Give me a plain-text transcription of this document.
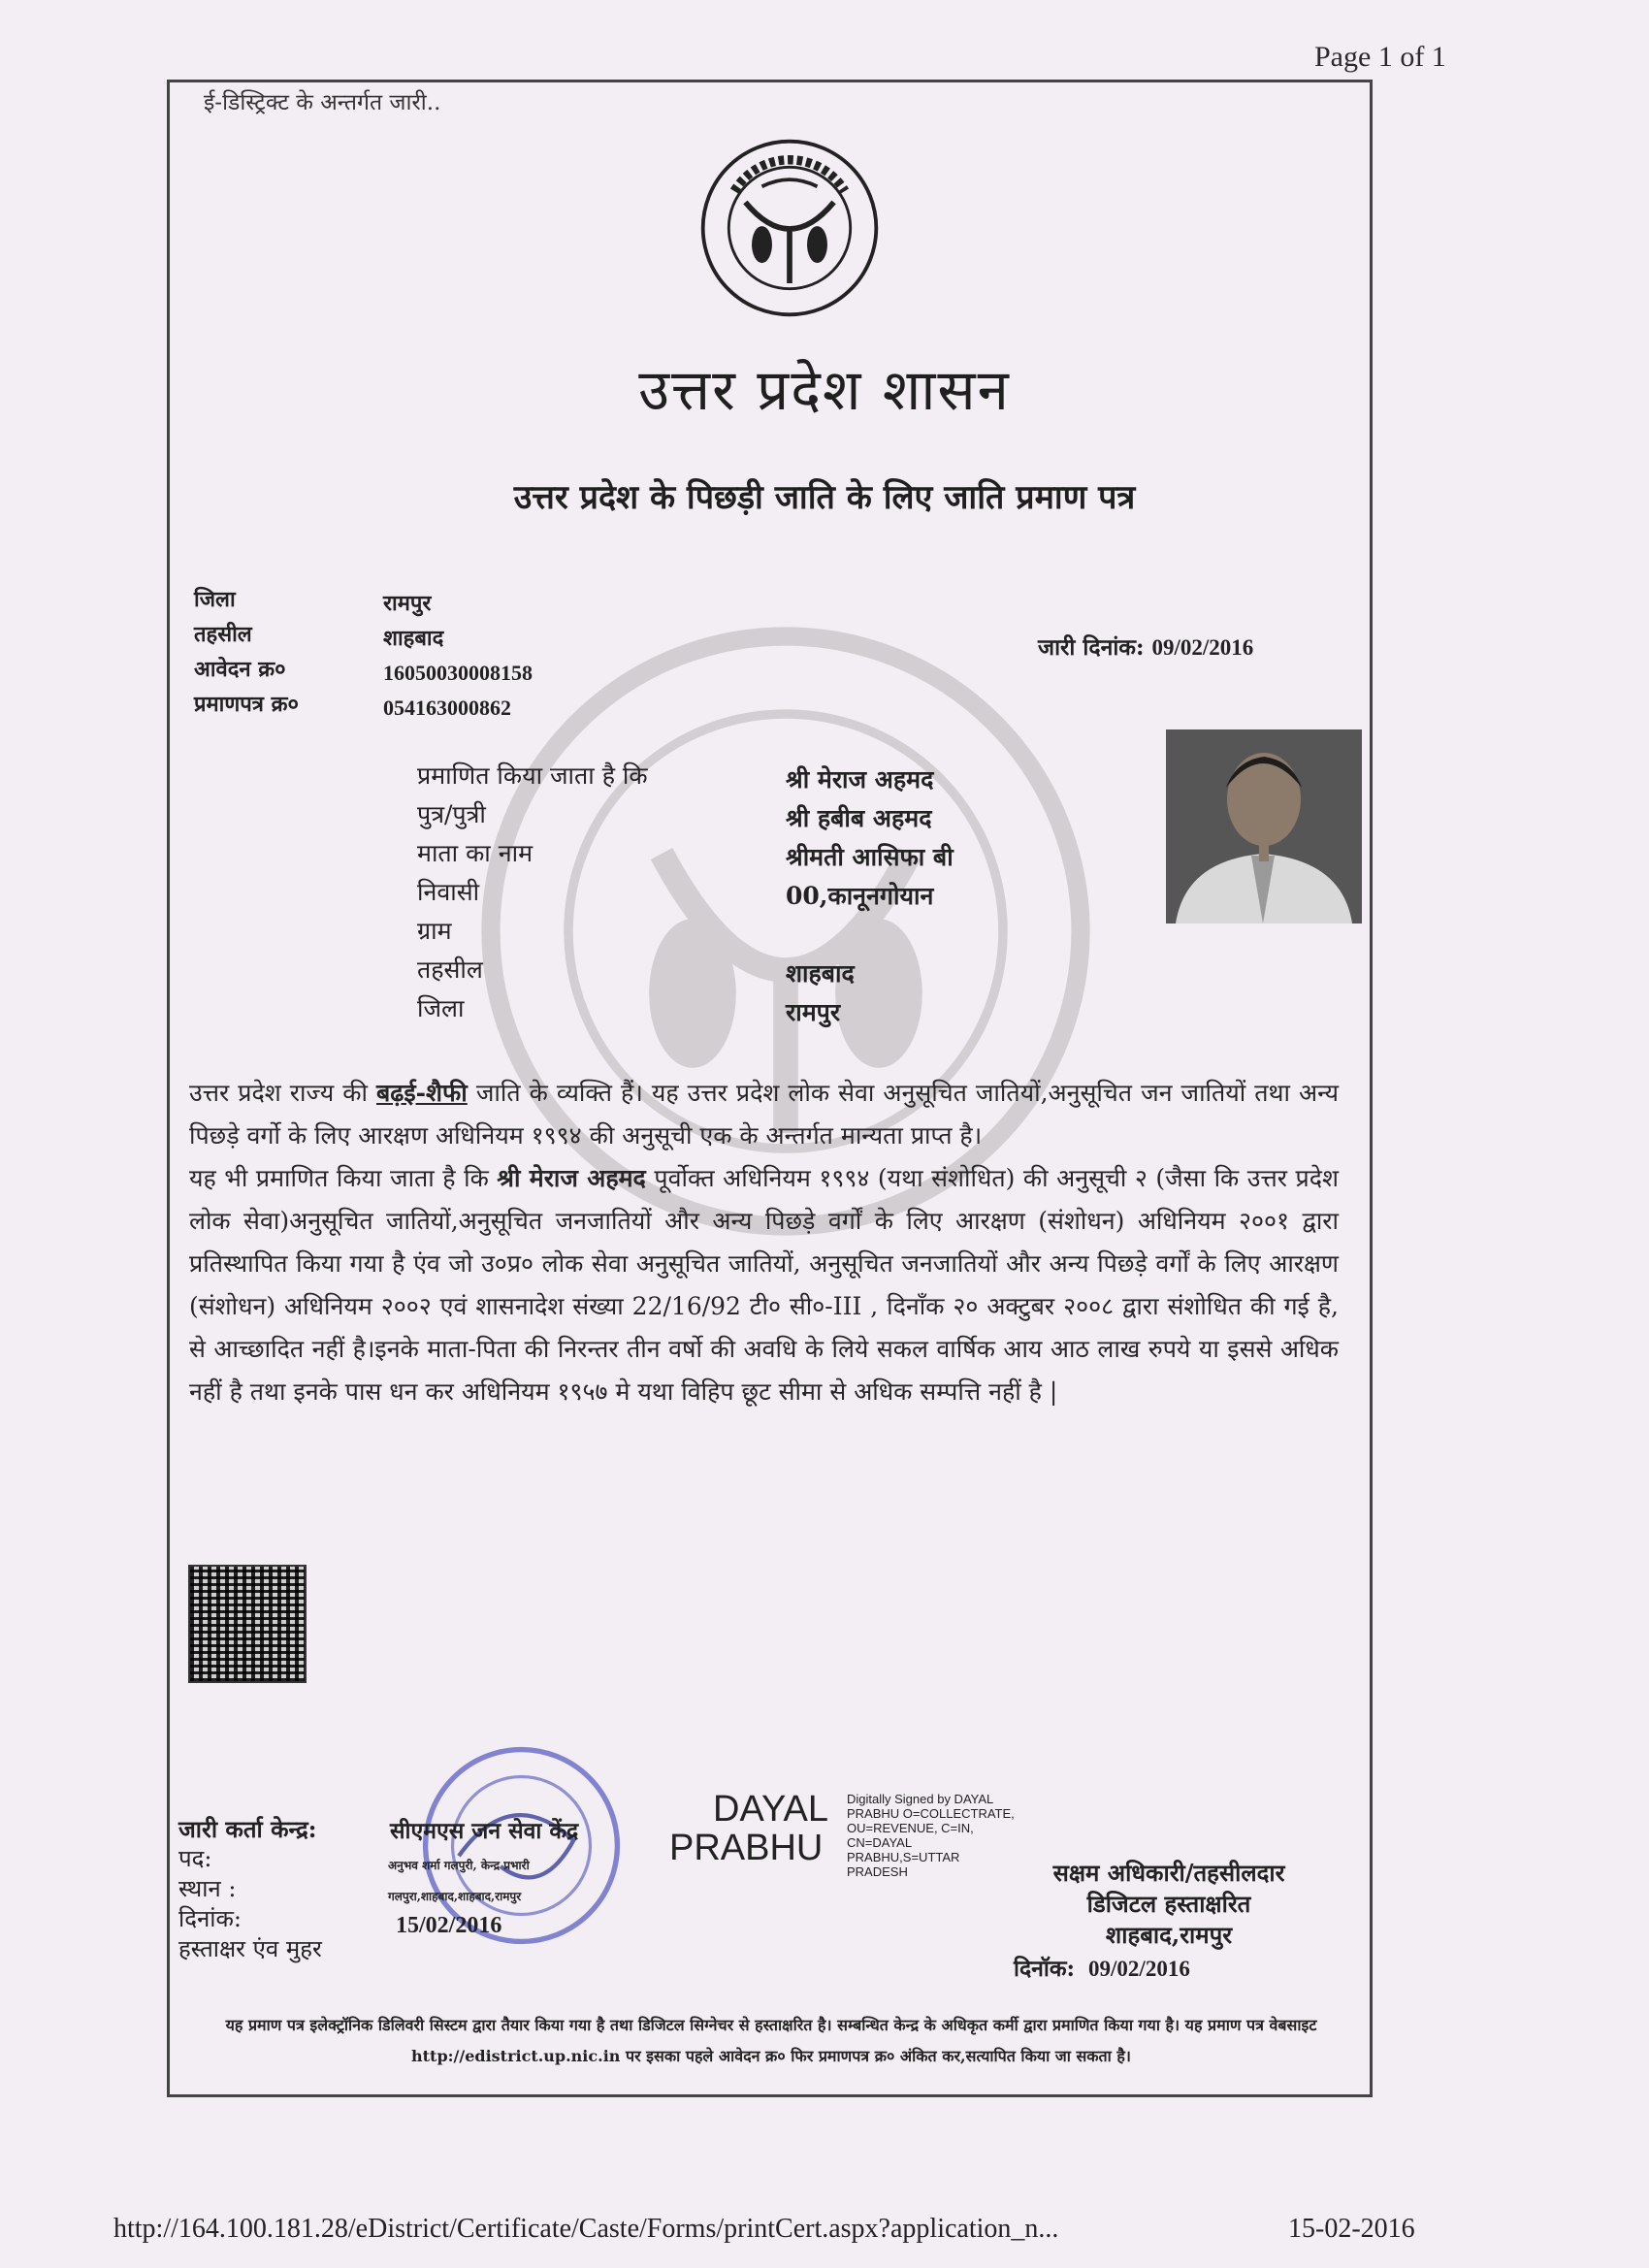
Page 1 of 1
ई-डिस्ट्रिक्ट के अन्तर्गत जारी..
उत्तर प्रदेश शासन
उत्तर प्रदेश के पिछड़ी जाति के लिए जाति प्रमाण पत्र
जिला
तहसील
आवेदन क्र०
प्रमाणपत्र क्र०
रामपुर
शाहबाद
16050030008158
054163000862
जारी दिनांक: 09/02/2016
प्रमाणित किया जाता है कि
पुत्र/पुत्री
माता का नाम
निवासी
ग्राम
तहसील
जिला
श्री मेराज अहमद
श्री हबीब अहमद
श्रीमती आसिफा बी
00,कानूनगोयान

शाहबाद
रामपुर

उत्तर प्रदेश राज्य की बढ़ई-शैफी जाति के व्यक्ति हैं। यह उत्तर प्रदेश लोक सेवा अनुसूचित जातियों,अनुसूचित जन जातियों तथा अन्य पिछड़े वर्गो के लिए आरक्षण अधिनियम १९९४ की अनुसूची एक के अन्तर्गत मान्यता प्राप्त है।

यह भी प्रमाणित किया जाता है कि श्री मेराज अहमद पूर्वोक्त अधिनियम १९९४ (यथा संशोधित) की अनुसूची २ (जैसा कि उत्तर प्रदेश लोक सेवा)अनुसूचित जातियों,अनुसूचित जनजातियों और अन्य पिछड़े वर्गों के लिए आरक्षण (संशोधन) अधिनियम २००१ द्वारा प्रतिस्थापित किया गया है एंव जो उ०प्र० लोक सेवा अनुसूचित जातियों, अनुसूचित जनजातियों और अन्य पिछड़े वर्गों के लिए आरक्षण (संशोधन) अधिनियम २००२ एवं शासनादेश संख्या 22/16/92 टी० सी०-III , दिनाँक २० अक्टुबर २००८ द्वारा संशोधित की गई है, से आच्छादित नहीं है।इनके माता-पिता की निरन्तर तीन वर्षो की अवधि के लिये सकल वार्षिक आय आठ लाख रुपये या इससे अधिक नहीं है तथा इनके पास धन कर अधिनियम १९५७ मे यथा विहिप छूट सीमा से अधिक सम्पत्ति नहीं है |

जारी कर्ता केन्द्र:
पद:
स्थान :
दिनांक:
हस्ताक्षर एंव मुहर
सीएमएस जन सेवा केंद्र
अनुभव शर्मा गलपुरी, केन्द्र प्रभारी
गलपुरा,शाहबाद,शाहबाद,रामपुर
15/02/2016
DAYAL
PRABHU
Digitally Signed by DAYAL PRABHU O=COLLECTRATE, OU=REVENUE, C=IN, CN=DAYAL PRABHU,S=UTTAR PRADESH	सक्षम अधिकारी/तहसीलदार
डिजिटल हस्ताक्षरित
शाहबाद,रामपुर
दिनॉक: 09/02/2016
यह प्रमाण पत्र इलेक्ट्रॉनिक डिलिवरी सिस्टम द्वारा तैयार किया गया है तथा डिजिटल सिग्नेचर से हस्ताक्षरित है। सम्बन्धित केन्द्र के अधिकृत कर्मी द्वारा प्रमाणित किया गया है। यह प्रमाण पत्र वेबसाइट http://edistrict.up.nic.in पर इसका पहले आवेदन क्र० फिर प्रमाणपत्र क्र० अंकित कर,सत्यापित किया जा सकता है।
http://164.100.181.28/eDistrict/Certificate/Caste/Forms/printCert.aspx?application_n...	15-02-2016
